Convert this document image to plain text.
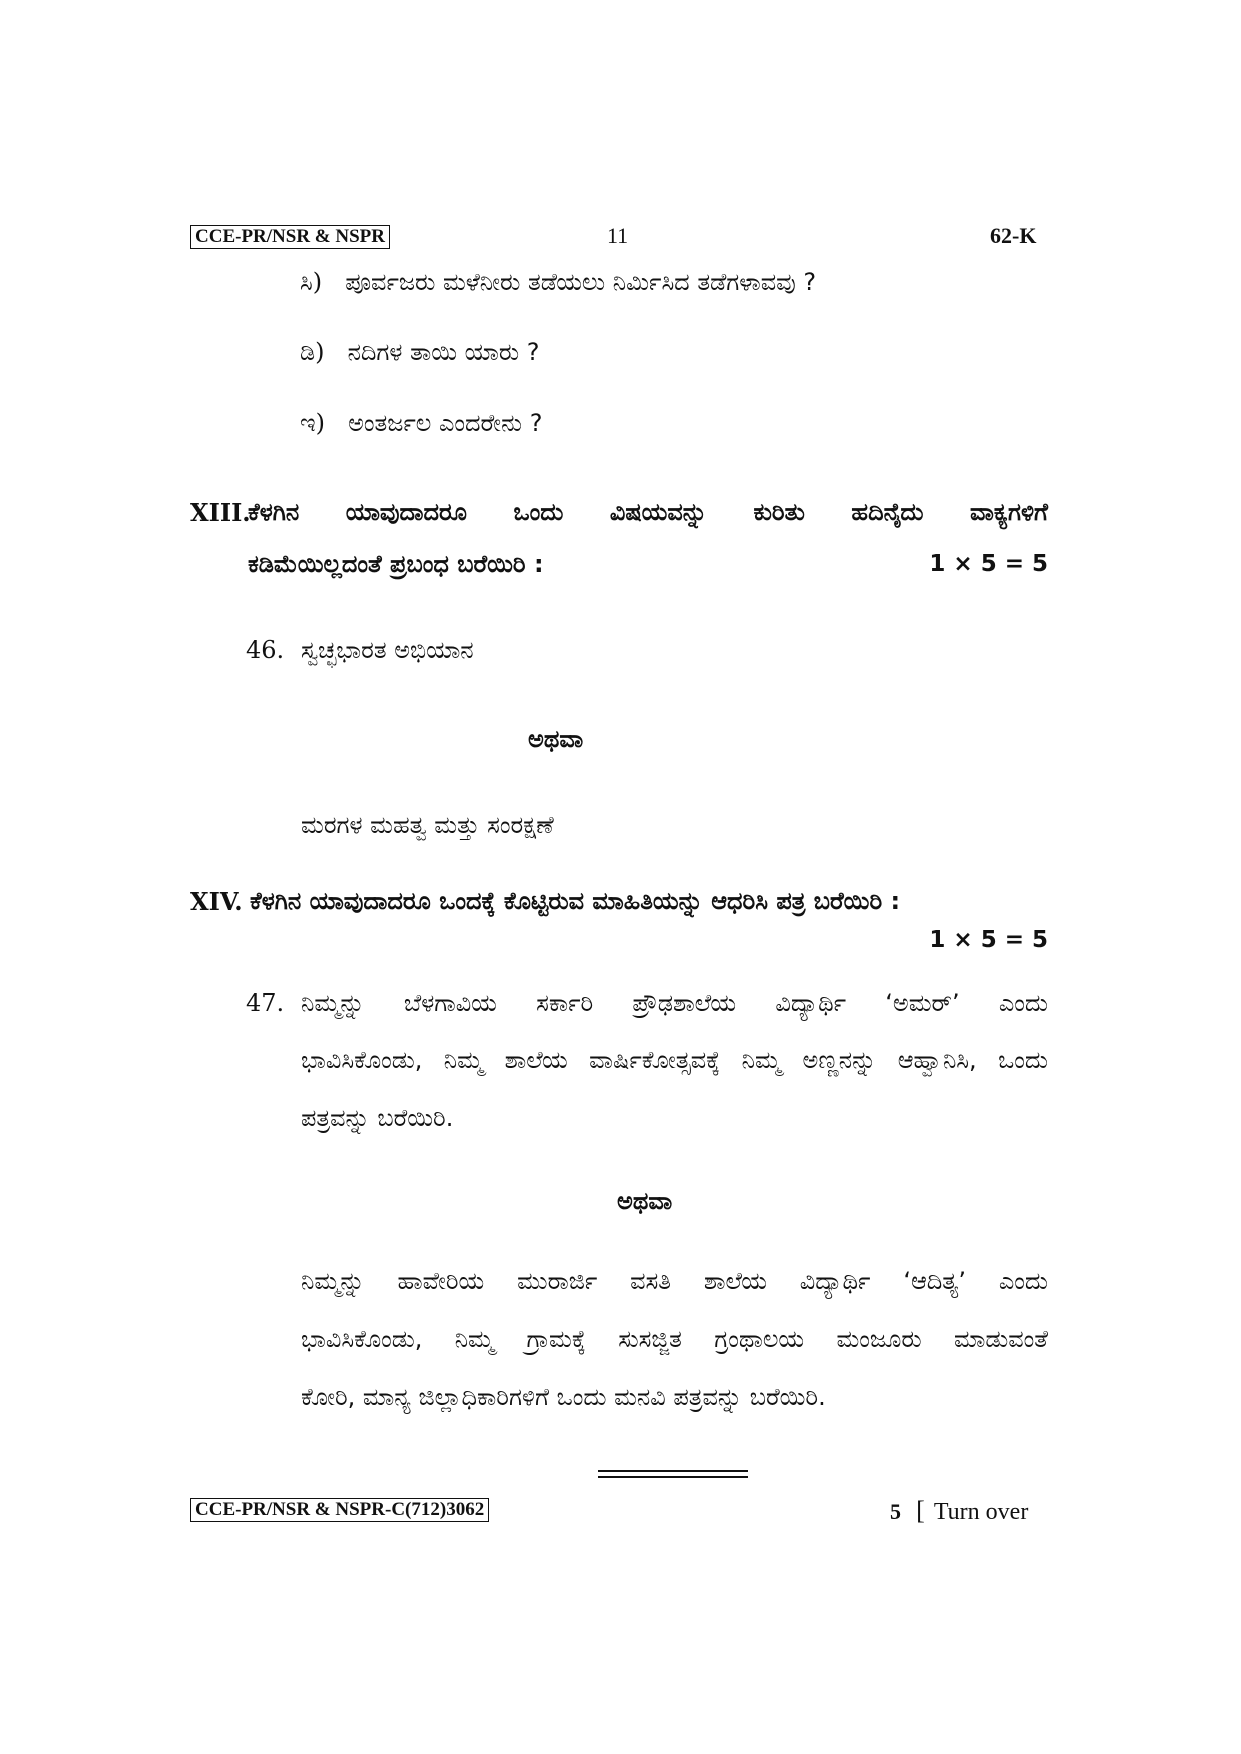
CCE-PR/NSR & NSPR	11	62-K
ಸಿ) ಪೂರ್ವಜರು ಮಳೆನೀರು ತಡೆಯಲು ನಿರ್ಮಿಸಿದ ತಡೆಗಳಾವವು ?
ಡಿ) ನದಿಗಳ ತಾಯಿ ಯಾರು ?
ಇ) ಅಂತರ್ಜಲ ಎಂದರೇನು ?
XIII.
ಕೆಳಗಿನ ಯಾವುದಾದರೂ ಒಂದು ವಿಷಯವನ್ನು ಕುರಿತು ಹದಿನೈದು ವಾಕ್ಯಗಳಿಗೆ
ಕಡಿಮೆಯಿಲ್ಲದಂತೆ ಪ್ರಬಂಧ ಬರೆಯಿರಿ :	1 × 5 = 5
46. ಸ್ವಚ್ಛಭಾರತ ಅಭಿಯಾನ
ಅಥವಾ
ಮರಗಳ ಮಹತ್ವ ಮತ್ತು ಸಂರಕ್ಷಣೆ
XIV. ಕೆಳಗಿನ ಯಾವುದಾದರೂ ಒಂದಕ್ಕೆ ಕೊಟ್ಟಿರುವ ಮಾಹಿತಿಯನ್ನು ಆಧರಿಸಿ ಪತ್ರ ಬರೆಯಿರಿ :
1 × 5 = 5
47. ನಿಮ್ಮನ್ನು ಬೆಳಗಾವಿಯ ಸರ್ಕಾರಿ ಪ್ರೌಢಶಾಲೆಯ ವಿದ್ಯಾರ್ಥಿ ‘ಅಮರ್’ ಎಂದು
ಭಾವಿಸಿಕೊಂಡು, ನಿಮ್ಮ ಶಾಲೆಯ ವಾರ್ಷಿಕೋತ್ಸವಕ್ಕೆ ನಿಮ್ಮ ಅಣ್ಣನನ್ನು ಆಹ್ವಾನಿಸಿ, ಒಂದು
ಪತ್ರವನ್ನು ಬರೆಯಿರಿ.
ಅಥವಾ
ನಿಮ್ಮನ್ನು ಹಾವೇರಿಯ ಮುರಾರ್ಜಿ ವಸತಿ ಶಾಲೆಯ ವಿದ್ಯಾರ್ಥಿ ‘ಆದಿತ್ಯ’ ಎಂದು
ಭಾವಿಸಿಕೊಂಡು, ನಿಮ್ಮ ಗ್ರಾಮಕ್ಕೆ ಸುಸಜ್ಜಿತ ಗ್ರಂಥಾಲಯ ಮಂಜೂರು ಮಾಡುವಂತೆ
ಕೋರಿ, ಮಾನ್ಯ ಜಿಲ್ಲಾಧಿಕಾರಿಗಳಿಗೆ ಒಂದು ಮನವಿ ಪತ್ರವನ್ನು ಬರೆಯಿರಿ.
CCE-PR/NSR & NSPR-C(712)3062	5 [ Turn over
